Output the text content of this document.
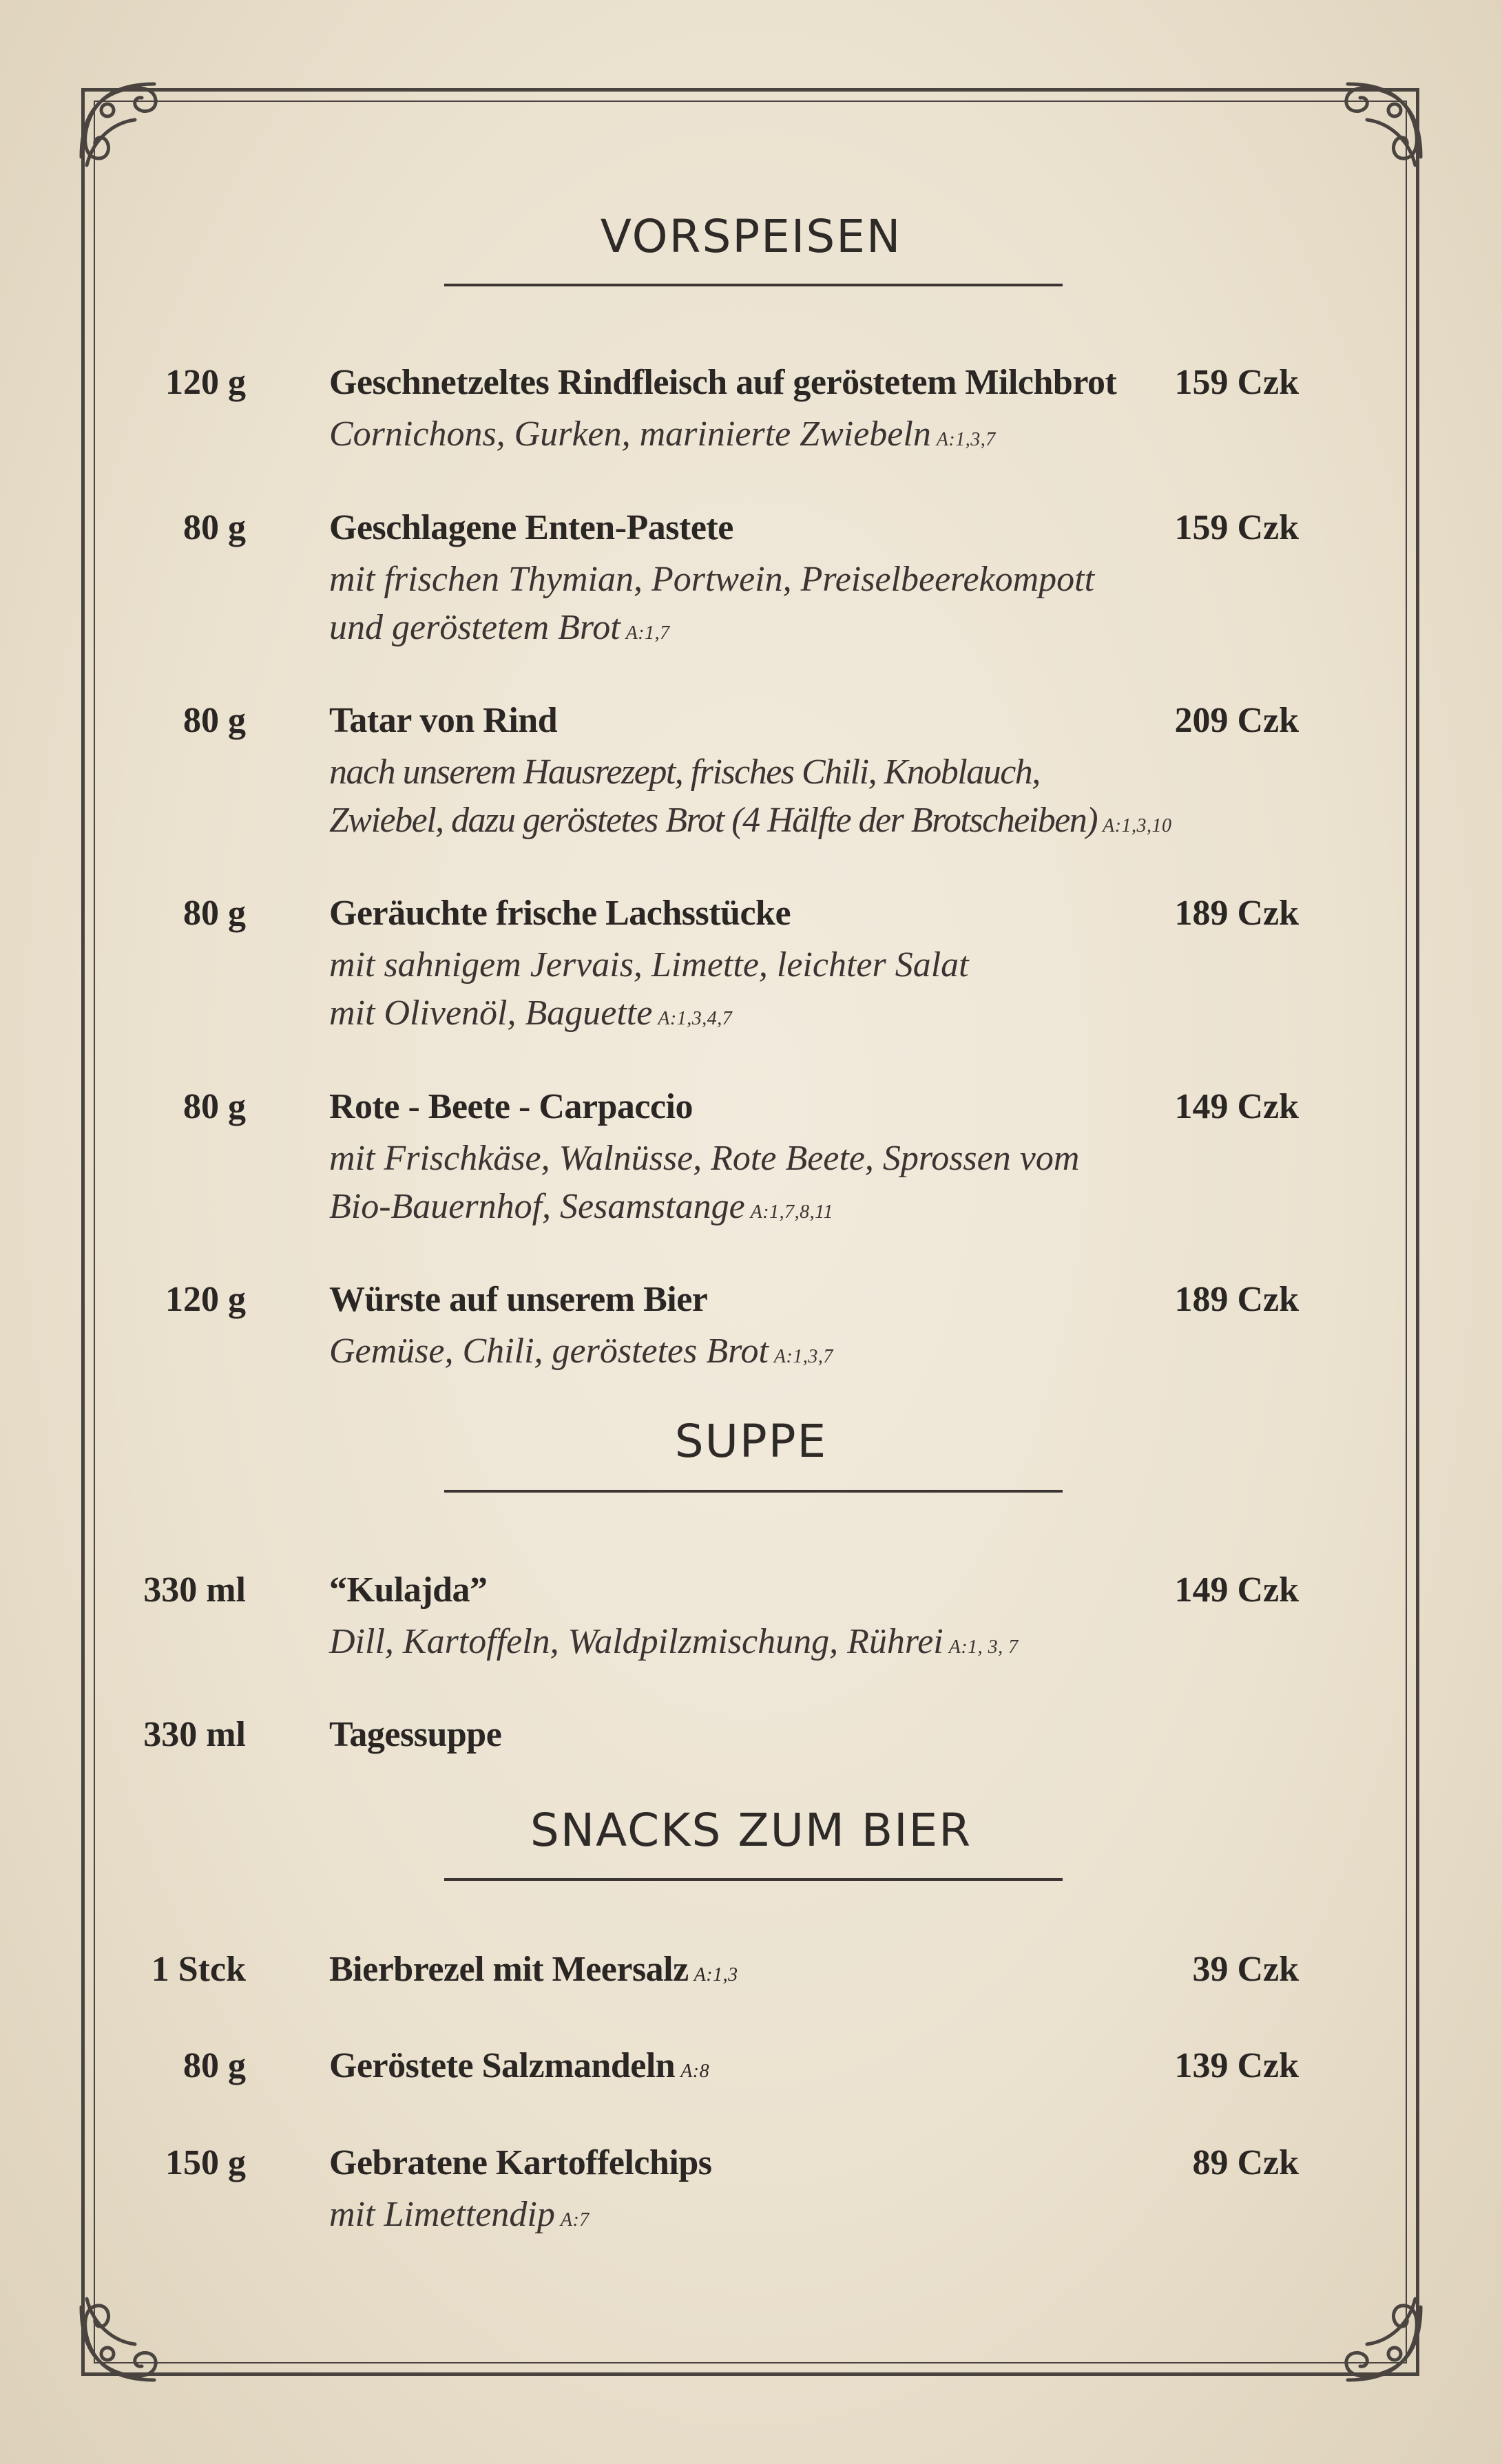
VORSPEISEN
120 g Geschnetzeltes Rindfleisch auf geröstetem Milchbrot 159 Czk
Cornichons, Gurken, marinierte Zwiebeln A:1,3,7
80 g Geschlagene Enten-Pastete	159 Czk
mit frischen Thymian, Portwein, Preiselbeerekompott
und geröstetem Brot A:1,7
80 g Tatar von Rind	209 Czk
nach unserem Hausrezept, frisches Chili, Knoblauch,
Zwiebel, dazu geröstetes Brot (4 Hälfte der Brotscheiben) A:1,3,10
80 g Geräuchte frische Lachsstücke	189 Czk
mit sahnigem Jervais, Limette, leichter Salat
mit Olivenöl, Baguette A:1,3,4,7
80 g Rote - Beete - Carpaccio	149 Czk
mit Frischkäse, Walnüsse, Rote Beete, Sprossen vom
Bio-Bauernhof, Sesamstange A:1,7,8,11
120 g Würste auf unserem Bier	189 Czk
Gemüse, Chili, geröstetes Brot A:1,3,7
SUPPE
330 ml “Kulajda”	149 Czk
Dill, Kartoffeln, Waldpilzmischung, Rührei A:1, 3, 7
330 ml Tagessuppe
SNACKS ZUM BIER
1 Stck Bierbrezel mit Meersalz A:1,3	39 Czk
80 g Geröstete Salzmandeln A:8	139 Czk
150 g Gebratene Kartoffelchips	89 Czk
mit Limettendip A:7
